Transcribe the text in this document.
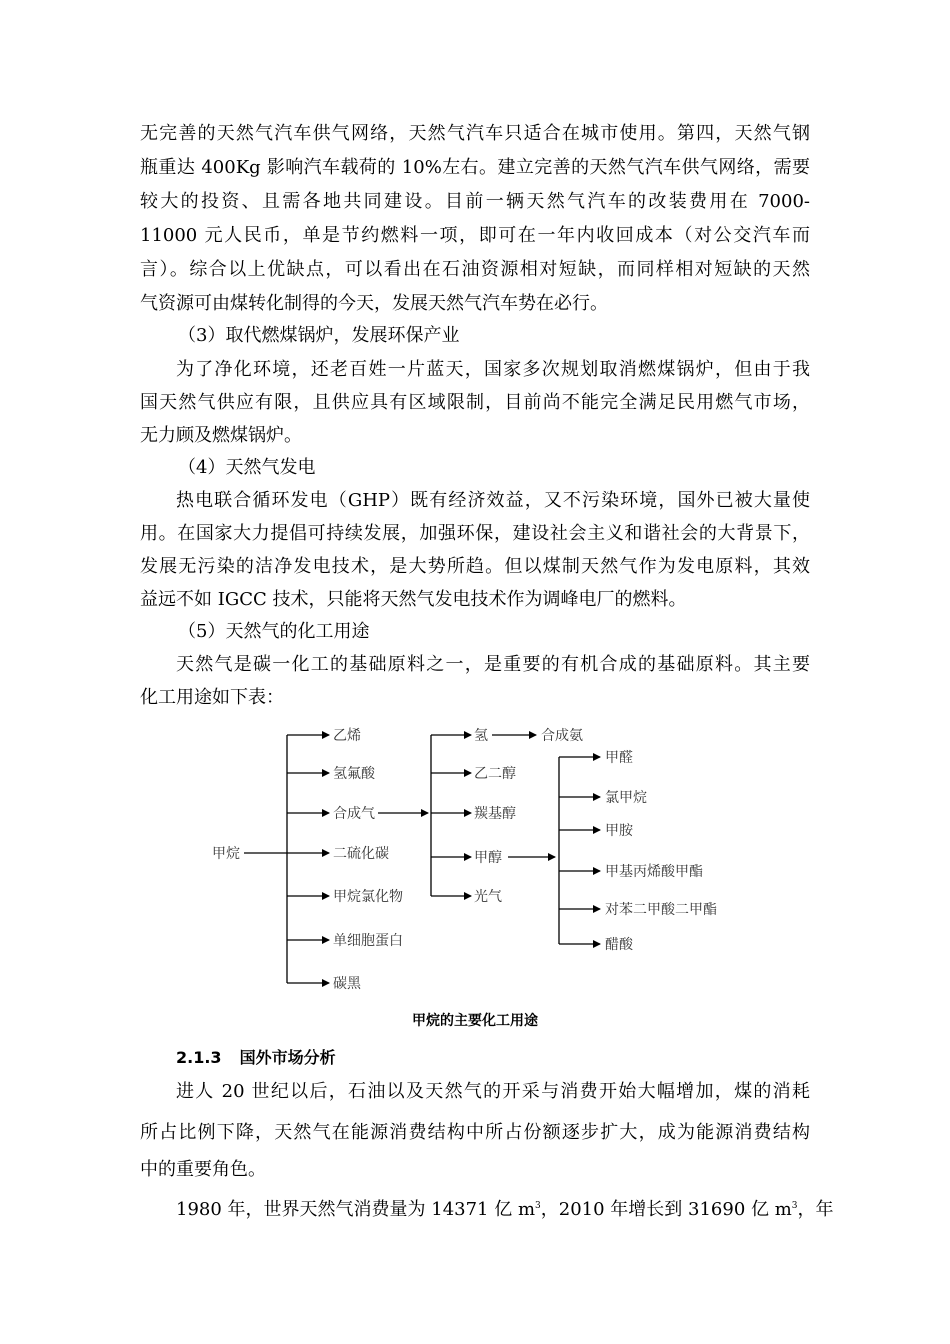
无完善的天然气汽车供气网络，天然气汽车只适合在城市使用。第四，天然气钢
瓶重达 400Kg 影响汽车载荷的 10%左右。建立完善的天然气汽车供气网络，需要
较大的投资、且需各地共同建设。目前一辆天然气汽车的改装费用在 7000-
11000 元人民币，单是节约燃料一项，即可在一年内收回成本（对公交汽车而
言）。综合以上优缺点，可以看出在石油资源相对短缺，而同样相对短缺的天然
气资源可由煤转化制得的今天，发展天然气汽车势在必行。
（3）取代燃煤锅炉，发展环保产业
为了净化环境，还老百姓一片蓝天，国家多次规划取消燃煤锅炉，但由于我
国天然气供应有限，且供应具有区域限制，目前尚不能完全满足民用燃气市场，
无力顾及燃煤锅炉。
（4）天然气发电
热电联合循环发电（GHP）既有经济效益，又不污染环境，国外已被大量使
用。在国家大力提倡可持续发展，加强环保，建设社会主义和谐社会的大背景下，
发展无污染的洁净发电技术，是大势所趋。但以煤制天然气作为发电原料，其效
益远不如 IGCC 技术，只能将天然气发电技术作为调峰电厂的燃料。
（5）天然气的化工用途
天然气是碳一化工的基础原料之一，是重要的有机合成的基础原料。其主要
化工用途如下表：
甲烷
乙烯
氢氟酸
合成气
二硫化碳
甲烷氯化物
单细胞蛋白
碳黑
氢
乙二醇
羰基醇
甲醇
光气
合成氨
甲醛
氯甲烷
甲胺
甲基丙烯酸甲酯
对苯二甲酸二甲酯
醋酸
甲烷的主要化工用途
2.1.3 国外市场分析
进人 20 世纪以后，石油以及天然气的开采与消费开始大幅增加，煤的消耗
所占比例下降，天然气在能源消费结构中所占份额逐步扩大，成为能源消费结构
中的重要角色。
1980 年，世界天然气消费量为 14371 亿 $m^3$，2010 年增长到 31690 亿 $m^3$，年
